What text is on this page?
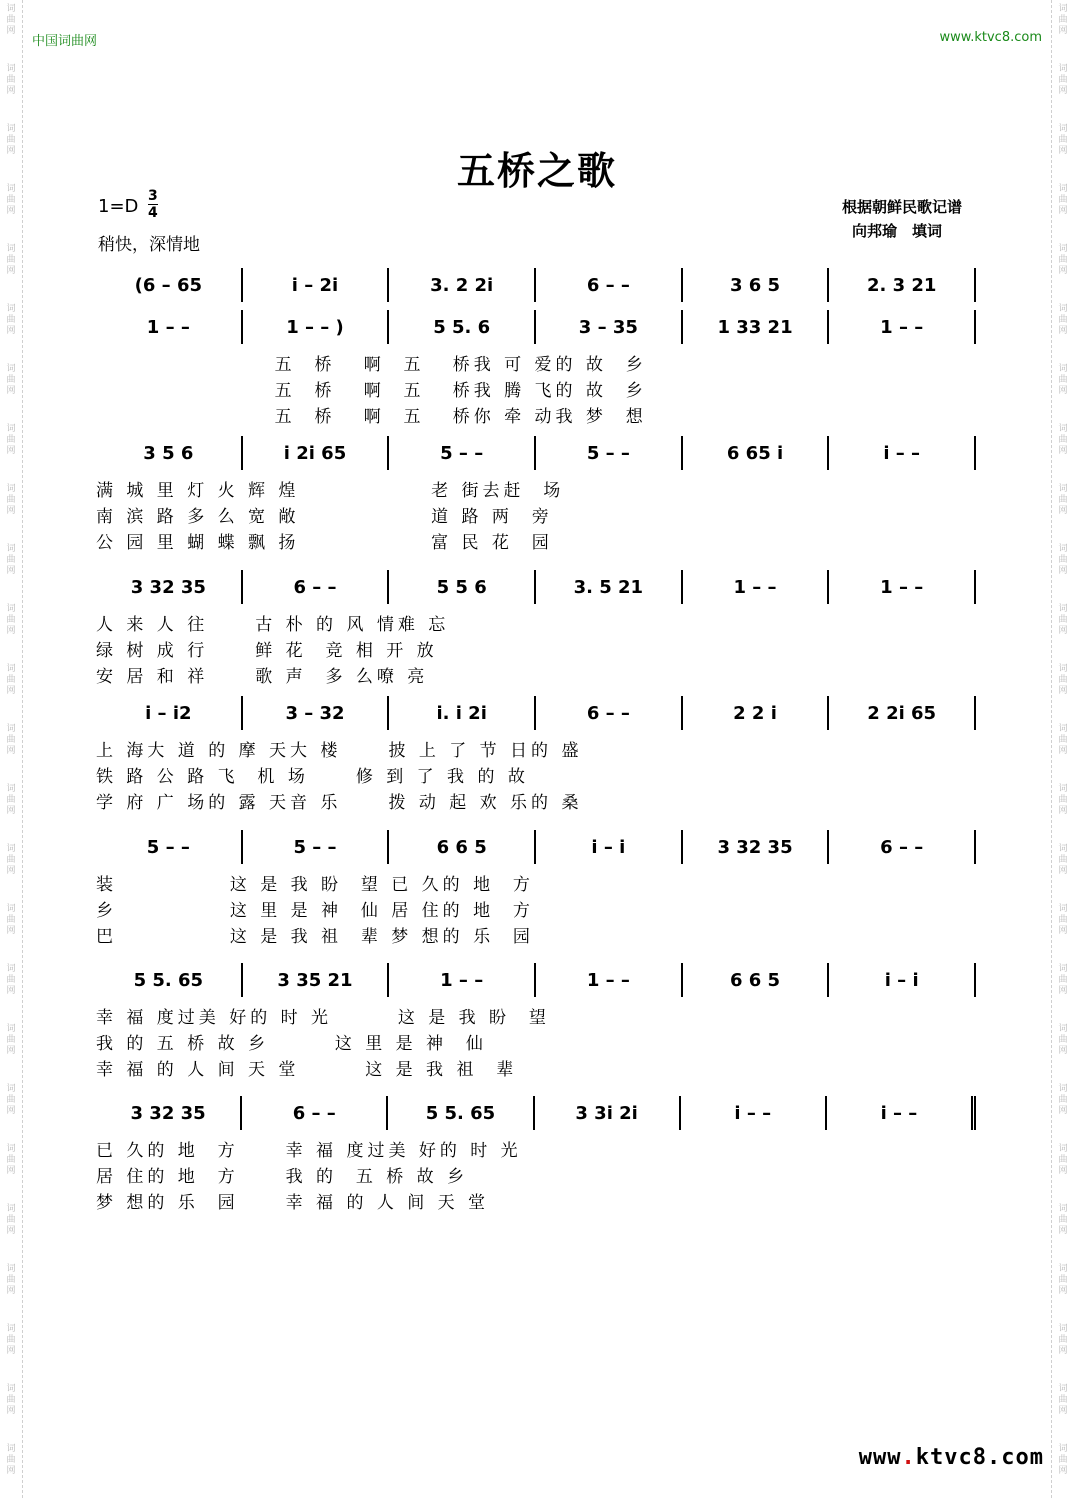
词
曲
网
词
曲
网
词
曲
网
词
曲
网
词
曲
网
词
曲
网
词
曲
网
词
曲
网
词
曲
网
词
曲
网
词
曲
网
词
曲
网
词
曲
网
词
曲
网
词
曲
网
词
曲
网
词
曲
网
词
曲
网
词
曲
网
词
曲
网
词
曲
网
词
曲
网
词
曲
网
词
曲
网
词
曲
网
词
曲
网
词
曲
网
词
曲
网
词
曲
网
词
曲
网
词
曲
网
词
曲
网
词
曲
网
词
曲
网
词
曲
网
词
曲
网
词
曲
网
词
曲
网
词
曲
网
词
曲
网
词
曲
网
词
曲
网
词
曲
网
词
曲
网
词
曲
网
词
曲
网
词
曲
网
词
曲
网
词
曲
网
词
曲
网
中国词曲网	www.ktvc8.com
五桥之歌
$1=D \frac{3}{4}$
稍快，深情地
根据朝鲜民歌记谱
向邦瑜　填词
(6 – 65	i – 2i	3. 2 2i	6 – –	3 6 5	2. 3 21
1 – –	1 – – )	5 5. 6	3 – 35	1 33 21	1 – –
五  桥   啊  五   桥我 可 爱的 故  乡
五  桥   啊  五   桥我 腾 飞的 故  乡
五  桥   啊  五   桥你 牵 动我 梦  想
3 5 6	i 2i 65	5 – –	5 – –	6 65 i	i – –
满 城 里 灯 火 辉 煌              老 街去赶  场
南 滨 路 多 么 宽 敞              道 路 两  旁
公 园 里 蝴 蝶 飘 扬              富 民 花  园
3 32 35	6 – –	5 5 6	3. 5 21	1 – –	1 – –
人 来 人 往     古 朴 的 风 情难 忘
绿 树 成 行     鲜 花  竞 相 开 放
安 居 和 祥     歌 声  多 么嘹 亮
i – i2	3 – 32	i. i 2i	6 – –	2 2 i	2 2i 65
上 海大 道 的 摩 天大 楼     披 上 了 节 日的 盛
铁 路 公 路 飞  机 场     修 到 了 我 的 故
学 府 广 场的 露 天音 乐     拨 动 起 欢 乐的 桑
5 – –	5 – –	6 6 5	i – i	3 32 35	6 – –
装            这 是 我 盼  望 已 久的 地  方
乡            这 里 是 神  仙 居 住的 地  方
巴            这 是 我 祖  辈 梦 想的 乐  园
5 5. 65	3 35 21	1 – –	1 – –	6 6 5	i – i
幸 福 度过美 好的 时 光       这 是 我 盼  望
我 的 五 桥 故 乡       这 里 是 神  仙
幸 福 的 人 间 天 堂       这 是 我 祖  辈
3 32 35	6 – –	5 5. 65	3 3i 2i	i – –	i – –
已 久的 地  方     幸 福 度过美 好的 时 光
居 住的 地  方     我 的  五 桥 故 乡
梦 想的 乐  园     幸 福 的 人 间 天 堂
www.ktvc8.com
